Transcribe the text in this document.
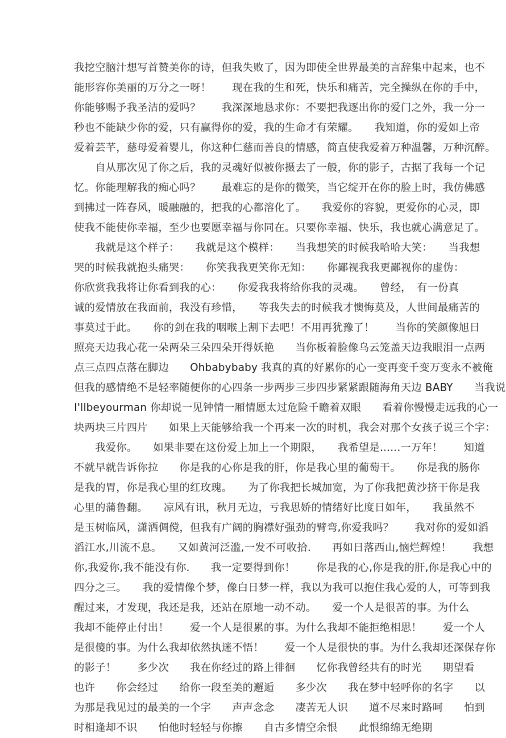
我挖空脑汁想写首赞美你的诗，但我失败了，因为即使全世界最美的言辞集中起来，也不
能形容你美丽的万分之一呀！　　现在我的生和死，快乐和痛苦，完全操纵在你的手中，
你能够赐予我圣洁的爱吗？　　我深深地恳求你：不要把我逐出你的爱门之外，我一分一
秒也不能缺少你的爱，只有赢得你的爱，我的生命才有荣耀。　　我知道，你的爱如上帝
爱着芸芊，慈母爱着婴儿，你这种仁慈而善良的情感，简直使我爱着万种温馨，万种沉醉。
　　自从那次见了你之后，我的灵魂好似被你摄去了一般，你的影子，古据了我每一个记
忆。你能理解我的痴心吗？　　最难忘的是你的微笑，当它绽开在你的脸上时，我仿佛感
到拂过一阵春风，暖融融的，把我的心都溶化了。　　我爱你的容貌，更爱你的心灵，即
使我不能使你幸福，至少也要愿幸福与你同在。只要你幸福、快乐，我也就心满意足了。
　　我就是这个样子：　　我就是这个模样：　　当我想笑的时候我哈哈大笑：　　当我想
哭的时候我就抱头痛哭：　　你笑我我更笑你无知：　　你鄙视我我更鄙视你的虚伪：
你欣赏我我将让你看到我的心：　　你爱我我将给你我的灵魂。　　曾经，　有一份真
诚的爱情放在我面前，我没有珍惜，　　等我失去的时候我才懊悔莫及，人世间最痛苦的
事莫过于此。　　你的剑在我的咽喉上割下去吧！不用再犹豫了！　　当你的笑颜像旭日
照亮天边我心花一朵两朵三朵四朵开得妖艳　　当你板着脸像乌云笼盖天边我眼泪一点两
点三点四点落在脚边　　Ohbabybaby 我真的真的好累你的心一变再变千变万变永不被俺
但我的感情绝不是轻率随便你的心四条一步两步三步四步紧紧跟随海角天边 BABY　　当我说
I'llbeyourman 你却说一见钟情一厢情愿太过危险千瞻着双眼　　看着你慢慢走远我的心一
块两块三片四片　　如果上天能够给我一个再来一次的时机，我会对那个女孩子说三个字：
　　我爱你。　　如果非要在这份爱上加上一个期限，　　我希望是......一万年！　　知道
不就早就告诉你拉　　你是我的心你是我的肝，你是我心里的葡萄干。　　你是我的肠你
是我的胃，你是我心里的红玫瑰。　　为了你我把长城加宽，为了你我把黄沙挤干你是我
心里的蒲鲁翻。　　凉风有讯，秋月无边，亏我思娇的情绪好比度日如年，　　我虽然不
是玉树临风，潇洒倜傥，但我有广阔的胸襟好强劲的臂弯,你爱我吗？　　我对你的爱如滔
滔江水,川流不息。　　又如黄河泛滥,一发不可收拾.　　再如日落西山,恼烂辉煌！　　我想
你,我爱你,我不能没有你.　　我一定要得到你！　　你是我的心,你是我的肝,你是我心中的
四分之三。　　我的爱情像个梦，像白日梦一样，我以为我可以抱住我心爱的人，可等到我
醒过来，才发现，我还是我，还站在原地一动不动。　　爱一个人是很苦的事。为什么
我却不能停止付出！　　爱一个人是很累的事。为什么我却不能拒绝相思！　　爱一个人
是很傻的事。为什么我却依然执迷不悟！　　爱一个人是很快的事。为什么我却还深保存你
的影子！　　多少次　　我在你经过的路上徘徊　　忆你我曾经共有的时光　　期望看
也许　　你会经过　　给你一段至美的邂逅　　多少次　　我在梦中轻呼你的名字　　以
为那是我见过的最美的一个字　　声声念念　　凄苦无人识　　道不尽来时路呵　　怕到
时相逢却不识　　怕他时轻轻与你擦　　自古多情空余恨　　此恨绵绵无绝期
